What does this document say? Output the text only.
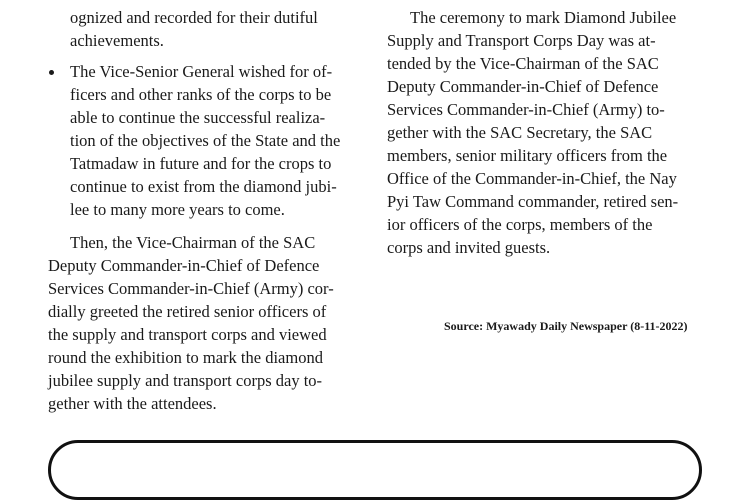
ognized and recorded for their dutiful
achievements.
The Vice-Senior General wished for of-
ficers and other ranks of the corps to be
able to continue the successful realiza-
tion of the objectives of the State and the
Tatmadaw in future and for the crops to
continue to exist from the diamond jubi-
lee to many more years to come.
Then, the Vice-Chairman of the SAC
Deputy Commander-in-Chief of Defence
Services Commander-in-Chief (Army) cor-
dially greeted the retired senior officers of
the supply and transport corps and viewed
round the exhibition to mark the diamond
jubilee supply and transport corps day to-
gether with the attendees.
The ceremony to mark Diamond Jubilee
Supply and Transport Corps Day was at-
tended by the Vice-Chairman of the SAC
Deputy Commander-in-Chief of Defence
Services Commander-in-Chief (Army) to-
gether with the SAC Secretary, the SAC
members, senior military officers from the
Office of the Commander-in-Chief, the Nay
Pyi Taw Command commander, retired sen-
ior officers of the corps, members of the
corps and invited guests.
Source: Myawady Daily Newspaper (8-11-2022)
